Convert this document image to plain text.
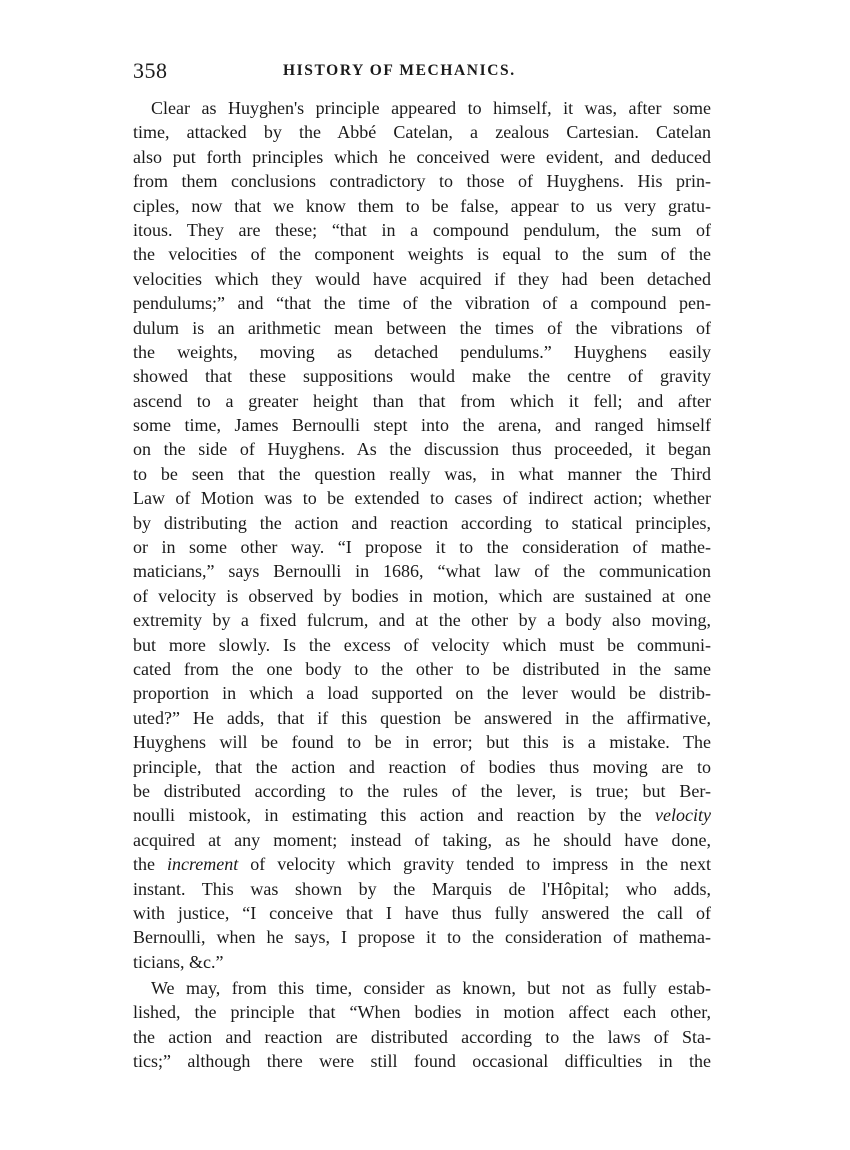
358	HISTORY OF MECHANICS.
Clear as Huyghen's principle appeared to himself, it was, after some
time, attacked by the Abbé Catelan, a zealous Cartesian. Catelan
also put forth principles which he conceived were evident, and deduced
from them conclusions contradictory to those of Huyghens. His prin-
ciples, now that we know them to be false, appear to us very gratu-
itous. They are these; “that in a compound pendulum, the sum of
the velocities of the component weights is equal to the sum of the
velocities which they would have acquired if they had been detached
pendulums;” and “that the time of the vibration of a compound pen-
dulum is an arithmetic mean between the times of the vibrations of
the weights, moving as detached pendulums.” Huyghens easily
showed that these suppositions would make the centre of gravity
ascend to a greater height than that from which it fell; and after
some time, James Bernoulli stept into the arena, and ranged himself
on the side of Huyghens. As the discussion thus proceeded, it began
to be seen that the question really was, in what manner the Third
Law of Motion was to be extended to cases of indirect action; whether
by distributing the action and reaction according to statical principles,
or in some other way. “I propose it to the consideration of mathe-
maticians,” says Bernoulli in 1686, “what law of the communication
of velocity is observed by bodies in motion, which are sustained at one
extremity by a fixed fulcrum, and at the other by a body also moving,
but more slowly. Is the excess of velocity which must be communi-
cated from the one body to the other to be distributed in the same
proportion in which a load supported on the lever would be distrib-
uted?” He adds, that if this question be answered in the affirmative,
Huyghens will be found to be in error; but this is a mistake. The
principle, that the action and reaction of bodies thus moving are to
be distributed according to the rules of the lever, is true; but Ber-
noulli mistook, in estimating this action and reaction by the velocity
acquired at any moment; instead of taking, as he should have done,
the increment of velocity which gravity tended to impress in the next
instant. This was shown by the Marquis de l'Hôpital; who adds,
with justice, “I conceive that I have thus fully answered the call of
Bernoulli, when he says, I propose it to the consideration of mathema-
ticians, &c.”
We may, from this time, consider as known, but not as fully estab-
lished, the principle that “When bodies in motion affect each other,
the action and reaction are distributed according to the laws of Sta-
tics;” although there were still found occasional difficulties in the
